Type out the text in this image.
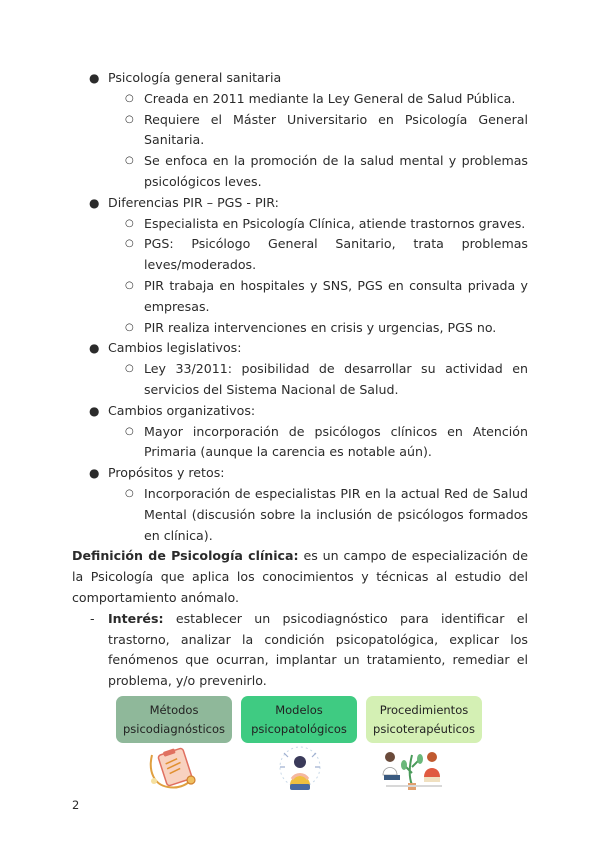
● Psicología general sanitaria
○ Creada en 2011 mediante la Ley General de Salud Pública.
○ Requiere el Máster Universitario en Psicología General Sanitaria.
○ Se enfoca en la promoción de la salud mental y problemas psicológicos leves.
● Diferencias PIR – PGS - PIR:
○ Especialista en Psicología Clínica, atiende trastornos graves.
○ PGS: Psicólogo General Sanitario, trata problemas leves/moderados.
○ PIR trabaja en hospitales y SNS, PGS en consulta privada y empresas.
○ PIR realiza intervenciones en crisis y urgencias, PGS no.
● Cambios legislativos:
○ Ley 33/2011: posibilidad de desarrollar su actividad en servicios del Sistema Nacional de Salud.
● Cambios organizativos:
○ Mayor incorporación de psicólogos clínicos en Atención Primaria (aunque la carencia es notable aún).
● Propósitos y retos:
○ Incorporación de especialistas PIR en la actual Red de Salud Mental (discusión sobre la inclusión de psicólogos formados en clínica).

Definición de Psicología clínica: es un campo de especialización de la Psicología que aplica los conocimientos y técnicas al estudio del comportamiento anómalo.

- Interés: establecer un psicodiagnóstico para identificar el trastorno, analizar la condición psicopatológica, explicar los fenómenos que ocurran, implantar un tratamiento, remediar el problema, y/o prevenirlo.
Métodos
psicodiagnósticos
Modelos
psicopatológicos
Procedimientos
psicoterapéuticos
2
